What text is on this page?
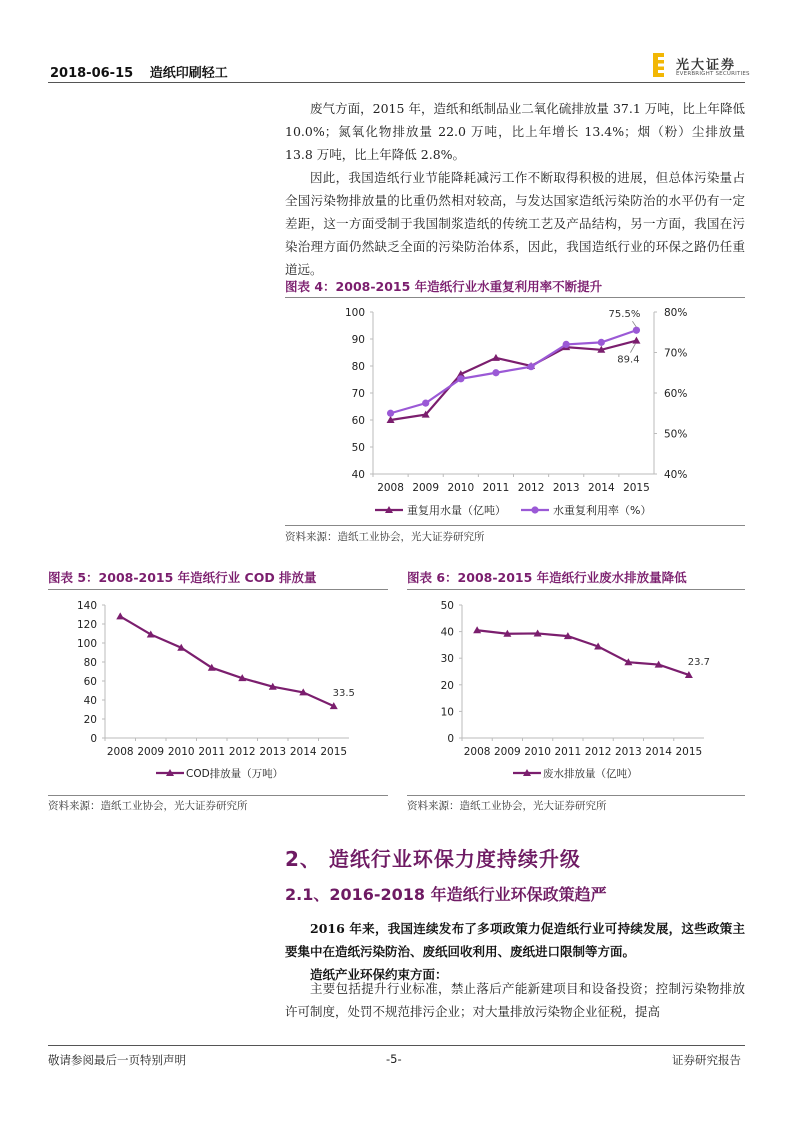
2018-06-15 造纸印刷轻工
光大证券
EVERBRIGHT SECURITIES

废气方面，2015 年，造纸和纸制品业二氧化硫排放量 37.1 万吨，比上年降低 10.0%；氮氧化物排放量 22.0 万吨，比上年增长 13.4%；烟（粉）尘排放量 13.8 万吨，比上年降低 2.8%。

因此，我国造纸行业节能降耗减污工作不断取得积极的进展，但总体污染量占全国污染物排放量的比重仍然相对较高，与发达国家造纸污染防治的水平仍有一定差距，这一方面受制于我国制浆造纸的传统工艺及产品结构，另一方面，我国在污染治理方面仍然缺乏全面的污染防治体系，因此，我国造纸行业的环保之路仍任重道远。

图表 4：2008-2015 年造纸行业水重复利用率不断提升
40
50
60
70
80
90
100
40%
50%
60%
70%
80%
2008 2009 2010 2011 2012 2013 2014 2015
75.5%
89.4
重复用水量（亿吨）	水重复利用率（%）
资料来源：造纸工业协会，光大证券研究所
图表 5：2008-2015 年造纸行业 COD 排放量
0
20
40
60
80
100
120
140
2008 2009 2010 2011 2012 2013 2014 2015
33.5
COD排放量（万吨）
资料来源：造纸工业协会，光大证券研究所
图表 6：2008-2015 年造纸行业废水排放量降低
0
10
20
30
40
50
2008 2009 2010 2011 2012 2013 2014 2015
23.7
废水排放量（亿吨）
资料来源：造纸工业协会，光大证券研究所
2、 造纸行业环保力度持续升级
2.1、2016-2018 年造纸行业环保政策趋严

2016 年来，我国连续发布了多项政策力促造纸行业可持续发展，这些政策主要集中在造纸污染防治、废纸回收利用、废纸进口限制等方面。

造纸产业环保约束方面：

主要包括提升行业标准，禁止落后产能新建项目和设备投资；控制污染物排放许可制度，处罚不规范排污企业；对大量排放污染物企业征税，提高

敬请参阅最后一页特别声明	-5-	证券研究报告
